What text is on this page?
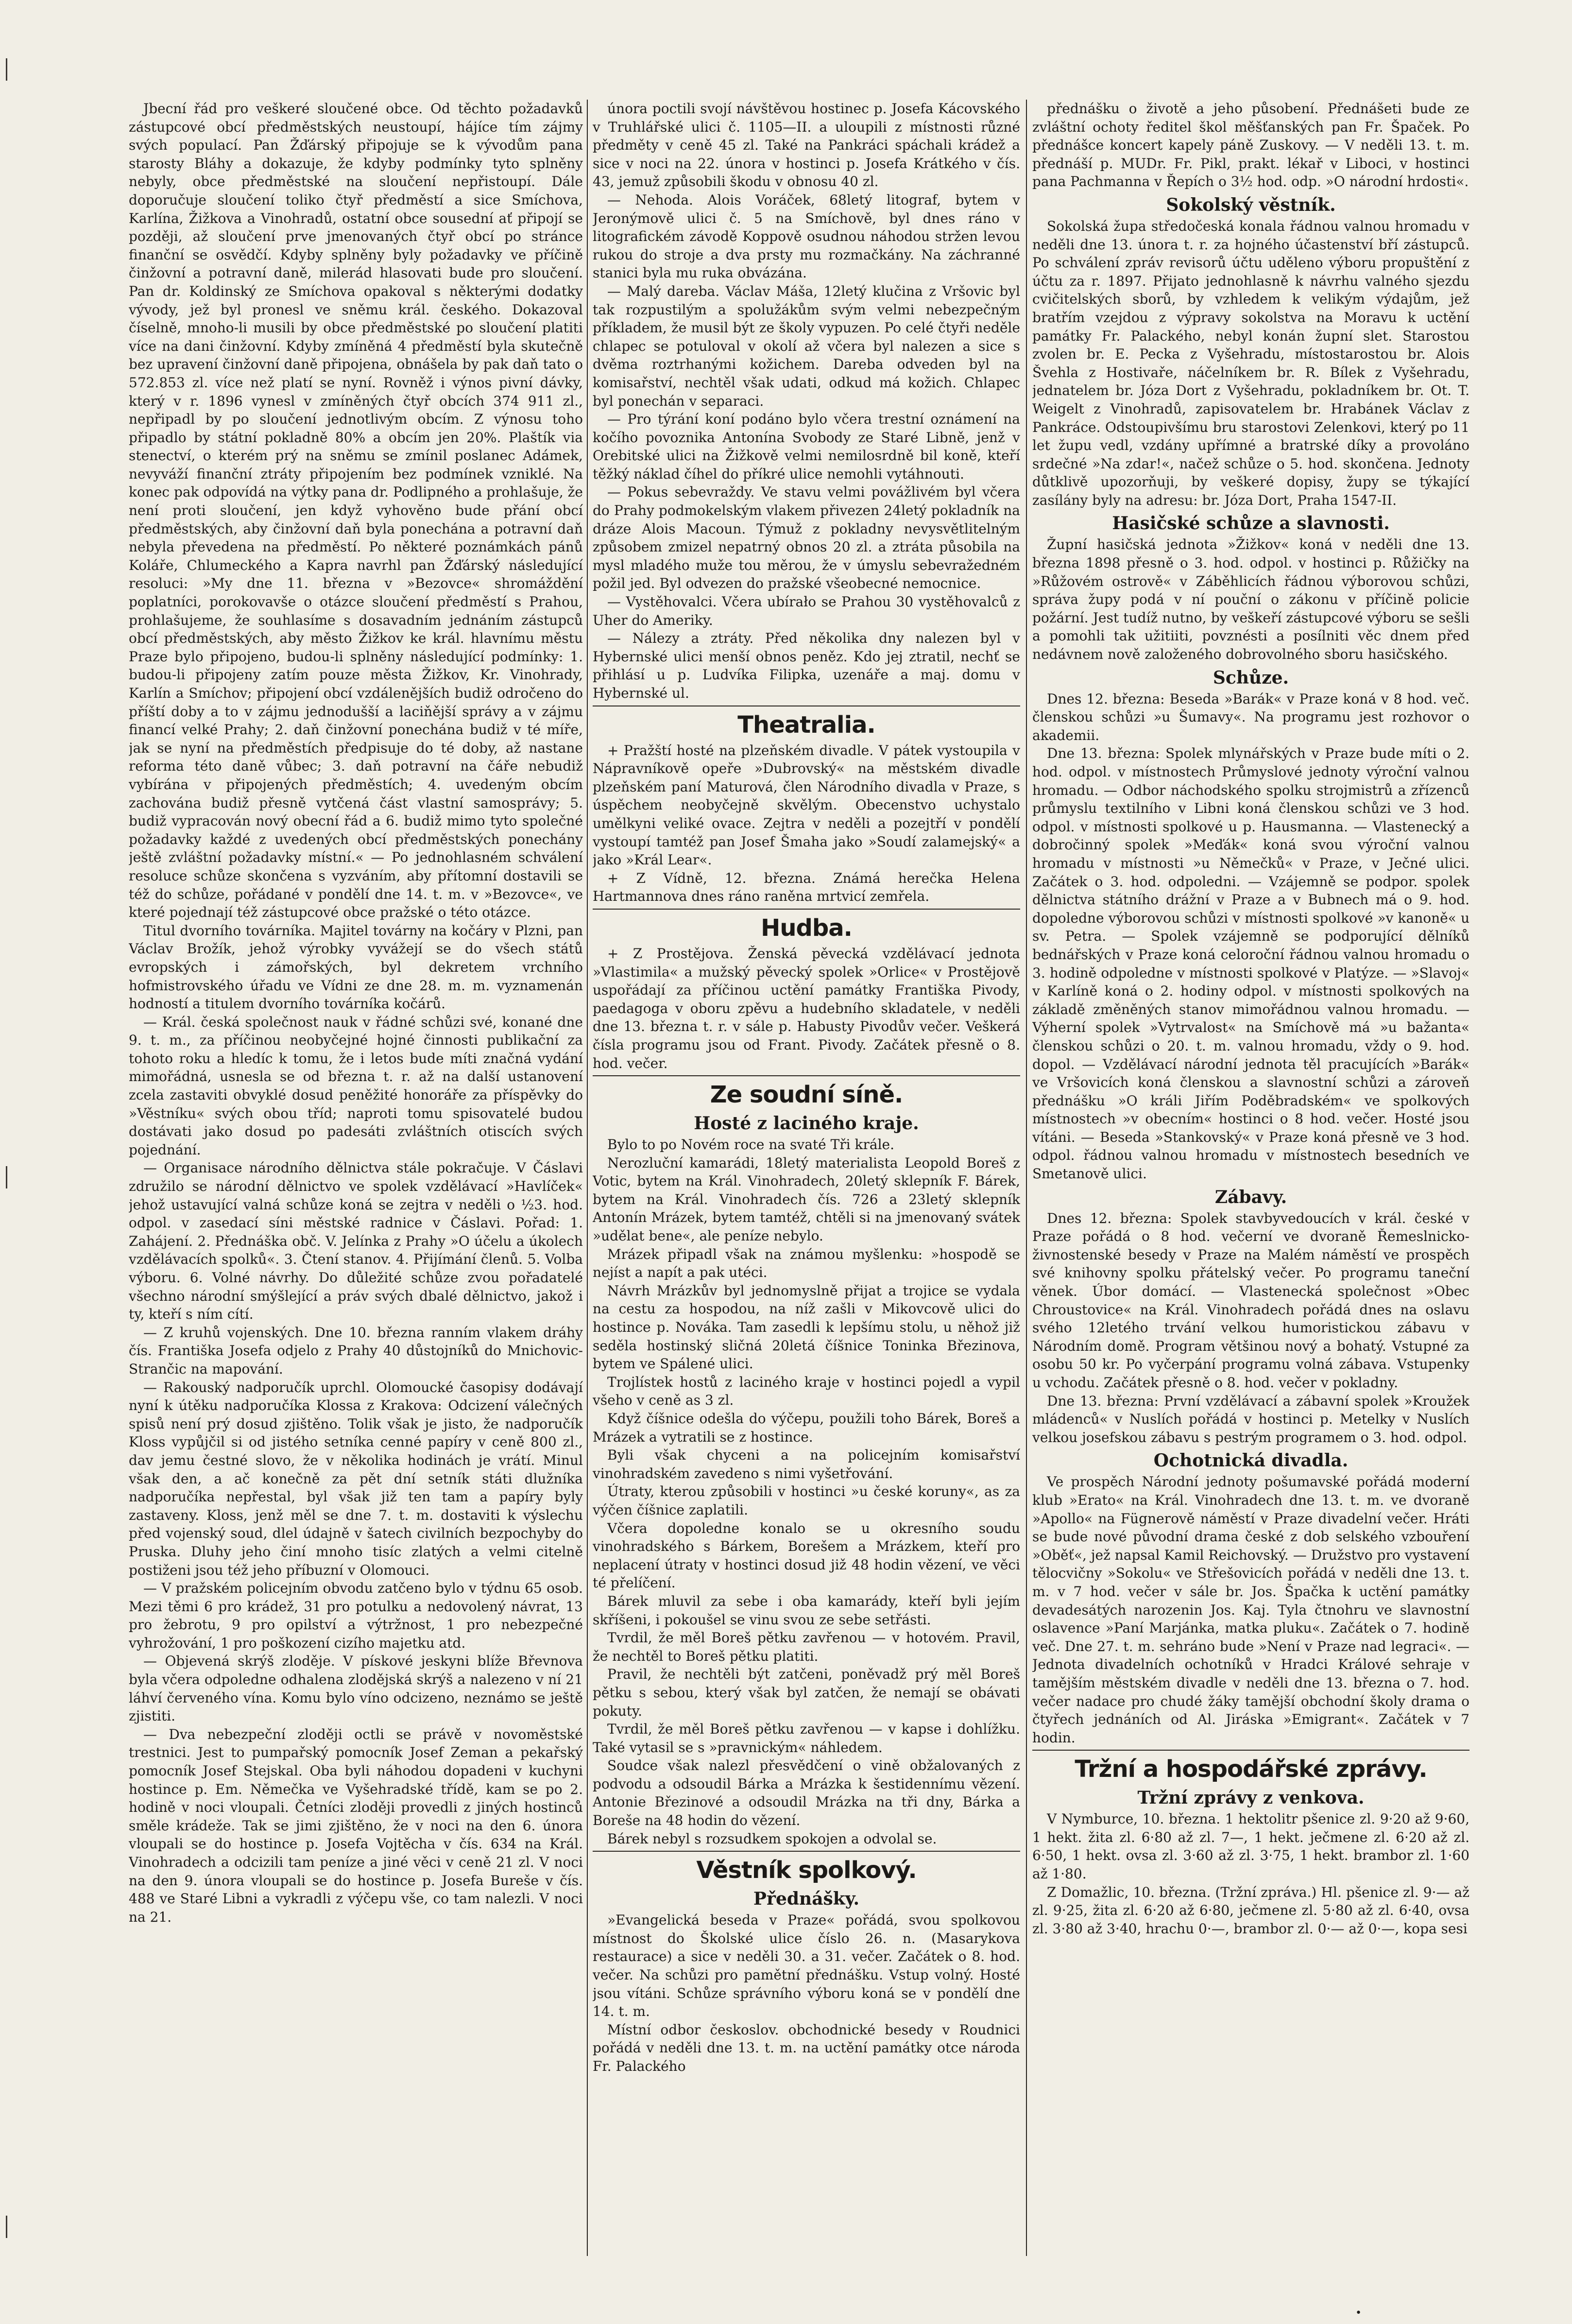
Jbecní řád pro veškeré sloučené obce. Od těchto požadavků zástupcové obcí předměstských neustoupí, hájíce tím zájmy svých populací. Pan Žďárský připojuje se k vývodům pana starosty Bláhy a dokazuje, že kdyby podmínky tyto splněny nebyly, obce předměstské na sloučení nepřistoupí. Dále doporučuje sloučení toliko čtyř předměstí a sice Smíchova, Karlína, Žižkova a Vinohradů, ostatní obce sousední ať připojí se později, až sloučení prve jmenovaných čtyř obcí po stránce finanční se osvědčí. Kdyby splněny byly požadavky ve příčině činžovní a potravní daně, milerád hlasovati bude pro sloučení. Pan dr. Koldinský ze Smíchova opakoval s některými dodatky vývody, jež byl pronesl ve sněmu král. českého. Dokazoval číselně, mnoho-li musili by obce předměstské po sloučení platiti více na dani činžovní. Kdyby zmíněná 4 předměstí byla skutečně bez upravení činžovní daně připojena, obnášela by pak daň tato o 572.853 zl. více než platí se nyní. Rovněž i výnos pivní dávky, který v r. 1896 vynesl v zmíněných čtyř obcích 374 911 zl., nepřipadl by po sloučení jednotlivým obcím. Z výnosu toho připadlo by státní pokladně 80% a obcím jen 20%. Plaštík via stenectví, o kterém prý na sněmu se zmínil poslanec Adámek, nevyváží finanční ztráty připojením bez podmínek vzniklé. Na konec pak odpovídá na výtky pana dr. Podlipného a prohlašuje, že není proti sloučení, jen když vyhověno bude přání obcí předměstských, aby činžovní daň byla ponechána a potravní daň nebyla převedena na předměstí. Po některé poznámkách pánů Koláře, Chlumeckého a Kapra navrhl pan Žďárský následující resoluci: »My dne 11. března v »Bezovce« shromáždění poplatníci, porokovavše o otázce sloučení předměstí s Prahou, prohlašujeme, že souhlasíme s dosavadním jednáním zástupců obcí předměstských, aby město Žižkov ke král. hlavnímu městu Praze bylo připojeno, budou-li splněny následující podmínky: 1. budou-li připojeny zatím pouze města Žižkov, Kr. Vinohrady, Karlín a Smíchov; připojení obcí vzdálenějších budiž odročeno do příští doby a to v zájmu jednodušší a laciňější správy a v zájmu financí velké Prahy; 2. daň činžovní ponechána budiž v té míře, jak se nyní na předměstích předpisuje do té doby, až nastane reforma této daně vůbec; 3. daň potravní na čáře nebudiž vybírána v připojených předměstích; 4. uvedeným obcím zachována budiž přesně vytčená část vlastní samosprávy; 5. budiž vypracován nový obecní řád a 6. budiž mimo tyto společné požadavky každé z uvedených obcí předměstských ponechány ještě zvláštní požadavky místní.« — Po jednohlasném schválení resoluce schůze skončena s vyzváním, aby přítomní dostavili se též do schůze, pořádané v pondělí dne 14. t. m. v »Bezovce«, ve které pojednají též zástupcové obce pražské o této otázce.

Titul dvorního továrníka. Majitel továrny na kočáry v Plzni, pan Václav Brožík, jehož výrobky vyvážejí se do všech států evropských i zámořských, byl dekretem vrchního hofmistrovského úřadu ve Vídni ze dne 28. m. m. vyznamenán hodností a titulem dvorního továrníka kočárů.

— Král. česká společnost nauk v řádné schůzi své, konané dne 9. t. m., za příčinou neobyčejné hojné činnosti publikační za tohoto roku a hledíc k tomu, že i letos bude míti značná vydání mimořádná, usnesla se od března t. r. až na další ustanovení zcela zastaviti obvyklé dosud peněžité honoráře za příspěvky do »Věstníku« svých obou tříd; naproti tomu spisovatelé budou dostávati jako dosud po padesáti zvláštních otiscích svých pojednání.

— Organisace národního dělnictva stále pokračuje. V Čáslavi združilo se národní dělnictvo ve spolek vzdělávací »Havlíček« jehož ustavující valná schůze koná se zejtra v neděli o ½3. hod. odpol. v zasedací síni městské radnice v Čáslavi. Pořad: 1. Zahájení. 2. Přednáška obč. V. Jelínka z Prahy »O účelu a úkolech vzdělávacích spolků«. 3. Čtení stanov. 4. Přijímání členů. 5. Volba výboru. 6. Volné návrhy. Do důležité schůze zvou pořadatelé všechno národní smýšlející a práv svých dbalé dělnictvo, jakož i ty, kteří s ním cítí.

— Z kruhů vojenských. Dne 10. března ranním vlakem dráhy čís. Františka Josefa odjelo z Prahy 40 důstojníků do Mnichovic-Strančic na mapování.

— Rakouský nadporučík uprchl. Olomoucké časopisy dodávají nyní k útěku nadporučíka Klossa z Krakova: Odcizení válečných spisů není prý dosud zjištěno. Tolik však je jisto, že nadporučík Kloss vypůjčil si od jistého setníka cenné papíry v ceně 800 zl., dav jemu čestné slovo, že v několika hodinách je vrátí. Minul však den, a ač konečně za pět dní setník státi dlužníka nadporučíka nepřestal, byl však již ten tam a papíry byly zastaveny. Kloss, jenž měl se dne 7. t. m. dostaviti k výslechu před vojenský soud, dlel údajně v šatech civilních bezpochyby do Pruska. Dluhy jeho činí mnoho tisíc zlatých a velmi citelně postiženi jsou též jeho příbuzní v Olomouci.

— V pražském policejním obvodu zatčeno bylo v týdnu 65 osob. Mezi těmi 6 pro krádež, 31 pro potulku a nedovolený návrat, 13 pro žebrotu, 9 pro opilství a výtržnost, 1 pro nebezpečné vyhrožování, 1 pro poškození cizího majetku atd.

— Objevená skrýš zloděje. V pískové jeskyni blíže Břevnova byla včera odpoledne odhalena zlodějská skrýš a nalezeno v ní 21 láhví červeného vína. Komu bylo víno odcizeno, neznámo se ještě zjistiti.

— Dva nebezpeční zloději octli se právě v novoměstské trestnici. Jest to pumpařský pomocník Josef Zeman a pekařský pomocník Josef Stejskal. Oba byli náhodou dopadeni v kuchyni hostince p. Em. Němečka ve Vyšehradské třídě, kam se po 2. hodině v noci vloupali. Četníci zloději provedli z jiných hostinců směle krádeže. Tak se jimi zjištěno, že v noci na den 6. února vloupali se do hostince p. Josefa Vojtěcha v čís. 634 na Král. Vinohradech a odcizili tam peníze a jiné věci v ceně 21 zl. V noci na den 9. února vloupali se do hostince p. Josefa Bureše v čís. 488 ve Staré Libni a vykradli z výčepu vše, co tam nalezli. V noci na 21.

února poctili svojí návštěvou hostinec p. Josefa Kácovského v Truhlářské ulici č. 1105—II. a uloupili z místnosti různé předměty v ceně 45 zl. Také na Pankráci spáchali krádež a sice v noci na 22. února v hostinci p. Josefa Krátkého v čís. 43, jemuž způsobili škodu v obnosu 40 zl.

— Nehoda. Alois Voráček, 68letý litograf, bytem v Jeronýmově ulici č. 5 na Smíchově, byl dnes ráno v litografickém závodě Koppově osudnou náhodou stržen levou rukou do stroje a dva prsty mu rozmačkány. Na záchranné stanici byla mu ruka obvázána.

— Malý dareba. Václav Máša, 12letý klučina z Vršovic byl tak rozpustilým a spolužákům svým velmi nebezpečným příkladem, že musil být ze školy vypuzen. Po celé čtyři neděle chlapec se potuloval v okolí až včera byl nalezen a sice s dvěma roztrhanými kožichem. Dareba odveden byl na komisařství, nechtěl však udati, odkud má kožich. Chlapec byl ponechán v separaci.

— Pro týrání koní podáno bylo včera trestní oznámení na kočího povoznika Antonína Svobody ze Staré Libně, jenž v Orebitské ulici na Žižkově velmi nemilosrdně bil koně, kteří těžký náklad číhel do příkré ulice nemohli vytáhnouti.

— Pokus sebevraždy. Ve stavu velmi povážlivém byl včera do Prahy podmokelským vlakem přivezen 24letý pokladník na dráze Alois Macoun. Týmuž z pokladny nevysvětlitelným způsobem zmizel nepatrný obnos 20 zl. a ztráta působila na mysl mladého muže tou měrou, že v úmyslu sebevražedném požil jed. Byl odvezen do pražské všeobecné nemocnice.

— Vystěhovalci. Včera ubírało se Prahou 30 vystěhovalců z Uher do Ameriky.

— Nálezy a ztráty. Před několika dny nalezen byl v Hybernské ulici menší obnos peněz. Kdo jej ztratil, nechť se přihlásí u p. Ludvíka Filipka, uzenáře a maj. domu v Hybernské ul.

Theatralia.

+ Pražští hosté na plzeňském divadle. V pátek vystoupila v Nápravníkově opeře »Dubrovský« na městském divadle plzeňském paní Maturová, člen Národního divadla v Praze, s úspěchem neobyčejně skvělým. Obecenstvo uchystalo umělkyni veliké ovace. Zejtra v neděli a pozejtří v pondělí vystoupí tamtéž pan Josef Šmaha jako »Soudí zalamejský« a jako »Král Lear«.

+ Z Vídně, 12. března. Známá herečka Helena Hartmannova dnes ráno raněna mrtvicí zemřela.

Hudba.

+ Z Prostějova. Ženská pěvecká vzdělávací jednota »Vlastimila« a mužský pěvecký spolek »Orlice« v Prostějově uspořádají za příčinou uctění památky Františka Pivody, paedagoga v oboru zpěvu a hudebního skladatele, v neděli dne 13. března t. r. v sále p. Habusty Pivodův večer. Veškerá čísla programu jsou od Frant. Pivody. Začátek přesně o 8. hod. večer.

Ze soudní síně.
Hosté z laciného kraje.

Bylo to po Novém roce na svaté Tři krále.

Nerozluční kamarádi, 18letý materialista Leopold Boreš z Votic, bytem na Král. Vinohradech, 20letý sklepník F. Bárek, bytem na Král. Vinohradech čís. 726 a 23letý sklepník Antonín Mrázek, bytem tamtéž, chtěli si na jmenovaný svátek »udělat bene«, ale peníze nebylo.

Mrázek připadl však na známou myšlenku: »hospodě se nejíst a napít a pak utéci.

Návrh Mrázkův byl jednomyslně přijat a trojice se vydala na cestu za hospodou, na níž zašli v Mikovcově ulici do hostince p. Nováka. Tam zasedli k lepšímu stolu, u něhož již seděla hostinský sličná 20letá číšnice Toninka Březinova, bytem ve Spálené ulici.

Trojlístek hostů z laciného kraje v hostinci pojedl a vypil všeho v ceně as 3 zl.

Když číšnice odešla do výčepu, použili toho Bárek, Boreš a Mrázek a vytratili se z hostince.

Byli však chyceni a na policejním komisařství vinohradském zavedeno s nimi vyšetřování.

Útraty, kterou způsobili v hostinci »u české koruny«, as za výčen číšnice zaplatili.

Včera dopoledne konalo se u okresního soudu vinohradského s Bárkem, Borešem a Mrázkem, kteří pro neplacení útraty v hostinci dosud již 48 hodin vězení, ve věci té přelíčení.

Bárek mluvil za sebe i oba kamarády, kteří byli jejím skříšeni, i pokoušel se vinu svou ze sebe setřásti.

Tvrdil, že měl Boreš pětku zavřenou — v hotovém. Pravil, že nechtěl to Boreš pětku platiti.

Pravil, že nechtěli být zatčeni, poněvadž prý měl Boreš pětku s sebou, který však byl zatčen, že nemají se obávati pokuty.

Tvrdil, že měl Boreš pětku zavřenou — v kapse i dohlížku. Také vytasil se s »pravnickým« náhledem.

Soudce však nalezl přesvědčení o vině obžalovaných z podvodu a odsoudil Bárka a Mrázka k šestidennímu vězení. Antonie Březinové a odsoudil Mrázka na tři dny, Bárka a Boreše na 48 hodin do vězení.

Bárek nebyl s rozsudkem spokojen a odvolal se.

Věstník spolkový.
Přednášky.

»Evangelická beseda v Praze« pořádá, svou spolkovou místnost do Školské ulice číslo 26. n. (Masarykova restaurace) a sice v neděli 30. a 31. večer. Začátek o 8. hod. večer. Na schůzi pro pamětní přednášku. Vstup volný. Hosté jsou vítáni. Schůze správního výboru koná se v pondělí dne 14. t. m.

Místní odbor českoslov. obchodnické besedy v Roudnici pořádá v neděli dne 13. t. m. na uctění památky otce národa Fr. Palackého

přednášku o životě a jeho působení. Přednášeti bude ze zvláštní ochoty ředitel škol měšťanských pan Fr. Špaček. Po přednášce koncert kapely páně Zuskovy. — V neděli 13. t. m. přednáší p. MUDr. Fr. Pikl, prakt. lékař v Liboci, v hostinci pana Pachmanna v Řepích o 3½ hod. odp. »O národní hrdosti«.

Sokolský věstník.

Sokolská župa středočeská konala řádnou valnou hromadu v neděli dne 13. února t. r. za hojného účastenství bří zástupců. Po schválení zpráv revisorů účtu uděleno výboru propuštění z účtu za r. 1897. Přijato jednohlasně k návrhu valného sjezdu cvičitelských sborů, by vzhledem k velikým výdajům, jež bratřím vzejdou z výpravy sokolstva na Moravu k uctění památky Fr. Palackého, nebyl konán župní slet. Starostou zvolen br. E. Pecka z Vyšehradu, místostarostou br. Alois Švehla z Hostivaře, náčelníkem br. R. Bílek z Vyšehradu, jednatelem br. Józa Dort z Vyšehradu, pokladníkem br. Ot. T. Weigelt z Vinohradů, zapisovatelem br. Hrabánek Václav z Pankráce. Odstoupivšímu bru starostovi Zelenkovi, který po 11 let župu vedl, vzdány upřímné a bratrské díky a provoláno srdečné »Na zdar!«, načež schůze o 5. hod. skončena. Jednoty důtklivě upozorňuji, by veškeré dopisy, župy se týkající zasílány byly na adresu: br. Józa Dort, Praha 1547-II.

Hasičské schůze a slavnosti.

Župní hasičská jednota »Žižkov« koná v neděli dne 13. března 1898 přesně o 3. hod. odpol. v hostinci p. Růžičky na »Růžovém ostrově« v Záběhlicích řádnou výborovou schůzi, správa župy podá v ní pouční o zákonu v příčině policie požární. Jest tudíž nutno, by veškeří zástupcové výboru se sešli a pomohli tak užitiiti, povznésti a posílniti věc dnem před nedávnem nově založeného dobrovolného sboru hasičského.

Schůze.

Dnes 12. března: Beseda »Barák« v Praze koná v 8 hod. več. členskou schůzi »u Šumavy«. Na programu jest rozhovor o akademii.

Dne 13. března: Spolek mlynářských v Praze bude míti o 2. hod. odpol. v místnostech Průmyslové jednoty výroční valnou hromadu. — Odbor náchodského spolku strojmistrů a zřízenců průmyslu textilního v Libni koná členskou schůzi ve 3 hod. odpol. v místnosti spolkové u p. Hausmanna. — Vlastenecký a dobročinný spolek »Meďák« koná svou výroční valnou hromadu v místnosti »u Němečků« v Praze, v Ječné ulici. Začátek o 3. hod. odpoledni. — Vzájemně se podpor. spolek dělnictva státního drážní v Praze a v Bubnech má o 9. hod. dopoledne výborovou schůzi v místnosti spolkové »v kanoně« u sv. Petra. — Spolek vzájemně se podporující dělníků bednářských v Praze koná celoroční řádnou valnou hromadu o 3. hodině odpoledne v místnosti spolkové v Platýze. — »Slavoj« v Karlíně koná o 2. hodiny odpol. v místnosti spolkových na základě změněných stanov mimořádnou valnou hromadu. — Výherní spolek »Vytrvalost« na Smíchově má »u bažanta« členskou schůzi o 20. t. m. valnou hromadu, vždy o 9. hod. dopol. — Vzdělávací národní jednota těl pracujících »Barák« ve Vršovicích koná členskou a slavnostní schůzi a zároveň přednášku »O králi Jiřím Poděbradském« ve spolkových místnostech »v obecním« hostinci o 8 hod. večer. Hosté jsou vítáni. — Beseda »Stankovský« v Praze koná přesně ve 3 hod. odpol. řádnou valnou hromadu v místnostech besedních ve Smetanově ulici.

Zábavy.

Dnes 12. března: Spolek stavbyvedoucích v král. české v Praze pořádá o 8 hod. večerní ve dvoraně Řemeslnicko-živnostenské besedy v Praze na Malém náměstí ve prospěch své knihovny spolku přátelský večer. Po programu taneční věnek. Úbor domácí. — Vlastenecká společnost »Obec Chroustovice« na Král. Vinohradech pořádá dnes na oslavu svého 12letého trvání velkou humoristickou zábavu v Národním domě. Program většinou nový a bohatý. Vstupné za osobu 50 kr. Po vyčerpání programu volná zábava. Vstupenky u vchodu. Začátek přesně o 8. hod. večer v pokladny.

Dne 13. března: První vzdělávací a zábavní spolek »Kroužek mládenců« v Nuslích pořádá v hostinci p. Metelky v Nuslích velkou josefskou zábavu s pestrým programem o 3. hod. odpol.

Ochotnická divadla.

Ve prospěch Národní jednoty pošumavské pořádá moderní klub »Erato« na Král. Vinohradech dne 13. t. m. ve dvoraně »Apollo« na Fügnerově náměstí v Praze divadelní večer. Hráti se bude nové původní drama české z dob selského vzbouření »Oběť«, jež napsal Kamil Reichovský. — Družstvo pro vystavení tělocvičny »Sokolu« ve Střešovicích pořádá v neděli dne 13. t. m. v 7 hod. večer v sále br. Jos. Špačka k uctění památky devadesátých narozenin Jos. Kaj. Tyla čtnohru ve slavnostní oslavence »Paní Marjánka, matka pluku«. Začátek o 7. hodině več. Dne 27. t. m. sehráno bude »Není v Praze nad legraci«. — Jednota divadelních ochotníků v Hradci Králové sehraje v tamějším městském divadle v neděli dne 13. března o 7. hod. večer nadace pro chudé žáky tamější obchodní školy drama o čtyřech jednáních od Al. Jiráska »Emigrant«. Začátek v 7 hodin.

Tržní a hospodářské zprávy.
Tržní zprávy z venkova.

V Nymburce, 10. března. 1 hektolitr pšenice zl. 9·20 až 9·60, 1 hekt. žita zl. 6·80 až zl. 7—, 1 hekt. ječmene zl. 6·20 až zl. 6·50, 1 hekt. ovsa zl. 3·60 až zl. 3·75, 1 hekt. brambor zl. 1·60 až 1·80.

Z Domažlic, 10. března. (Tržní zpráva.) Hl. pšenice zl. 9·— až zl. 9·25, žita zl. 6·20 až 6·80, ječmene zl. 5·80 až zl. 6·40, ovsa zl. 3·80 až 3·40, hrachu 0·—, brambor zl. 0·— až 0·—, kopa sesi

•
